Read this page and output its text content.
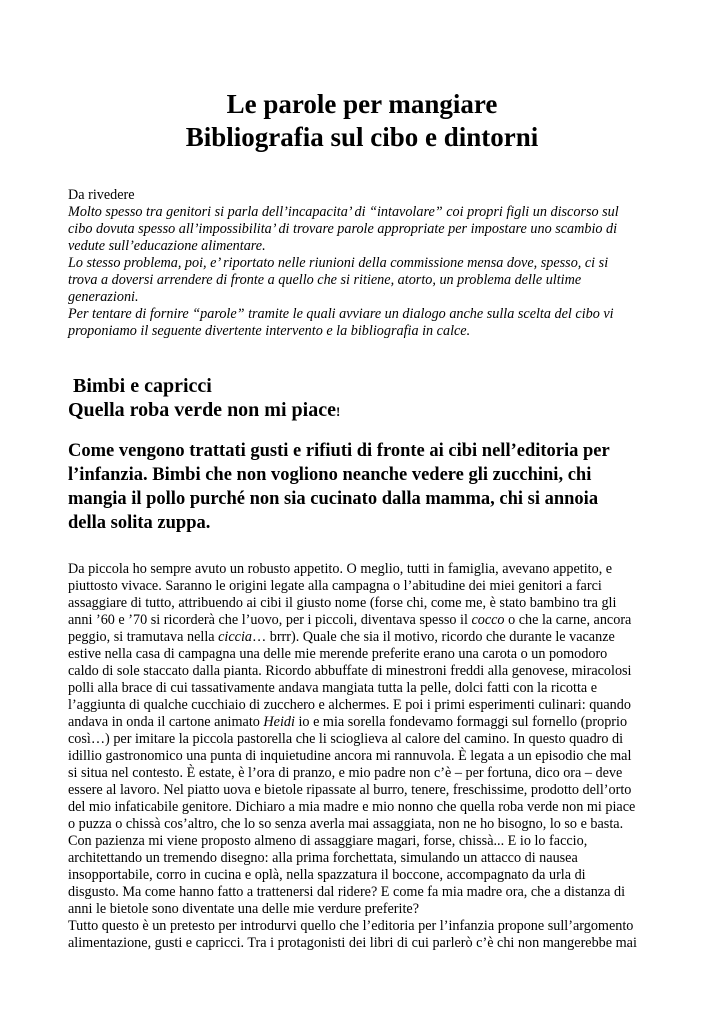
Le parole per mangiare
Bibliografia sul cibo e dintorni
Da rivedere
Molto spesso tra genitori si parla dell’incapacita’ di “intavolare” coi propri figli un discorso sul
cibo dovuta spesso all’impossibilita’ di trovare parole appropriate per impostare uno scambio di
vedute sull’educazione alimentare.
Lo stesso problema, poi, e’ riportato nelle riunioni della commissione mensa dove, spesso, ci si
trova a doversi arrendere di fronte a quello che si ritiene, atorto, un problema delle ultime
generazioni.
Per tentare di fornire “parole” tramite le quali avviare un dialogo anche sulla scelta del cibo vi
proponiamo il seguente divertente intervento e la bibliografia in calce.
Bimbi e capricci
Quella roba verde non mi piace!
Come vengono trattati gusti e rifiuti di fronte ai cibi nell’editoria per
l’infanzia. Bimbi che non vogliono neanche vedere gli zucchini, chi
mangia il pollo purché non sia cucinato dalla mamma, chi si annoia
della solita zuppa.
Da piccola ho sempre avuto un robusto appetito. O meglio, tutti in famiglia, avevano appetito, e
piuttosto vivace. Saranno le origini legate alla campagna o l’abitudine dei miei genitori a farci
assaggiare di tutto, attribuendo ai cibi il giusto nome (forse chi, come me, è stato bambino tra gli
anni ’60 e ’70 si ricorderà che l’uovo, per i piccoli, diventava spesso il cocco o che la carne, ancora
peggio, si tramutava nella ciccia… brrr). Quale che sia il motivo, ricordo che durante le vacanze
estive nella casa di campagna una delle mie merende preferite erano una carota o un pomodoro
caldo di sole staccato dalla pianta. Ricordo abbuffate di minestroni freddi alla genovese, miracolosi
polli alla brace di cui tassativamente andava mangiata tutta la pelle, dolci fatti con la ricotta e
l’aggiunta di qualche cucchiaio di zucchero e alchermes. E poi i primi esperimenti culinari: quando
andava in onda il cartone animato Heidi io e mia sorella fondevamo formaggi sul fornello (proprio
così…) per imitare la piccola pastorella che li scioglieva al calore del camino. In questo quadro di
idillio gastronomico una punta di inquietudine ancora mi rannuvola. È legata a un episodio che mal
si situa nel contesto. È estate, è l’ora di pranzo, e mio padre non c’è – per fortuna, dico ora – deve
essere al lavoro. Nel piatto uova e bietole ripassate al burro, tenere, freschissime, prodotto dell’orto
del mio infaticabile genitore. Dichiaro a mia madre e mio nonno che quella roba verde non mi piace
o puzza o chissà cos’altro, che lo so senza averla mai assaggiata, non ne ho bisogno, lo so e basta.
Con pazienza mi viene proposto almeno di assaggiare magari, forse, chissà... E io lo faccio,
architettando un tremendo disegno: alla prima forchettata, simulando un attacco di nausea
insopportabile, corro in cucina e oplà, nella spazzatura il boccone, accompagnato da urla di
disgusto. Ma come hanno fatto a trattenersi dal ridere? E come fa mia madre ora, che a distanza di
anni le bietole sono diventate una delle mie verdure preferite?
Tutto questo è un pretesto per introdurvi quello che l’editoria per l’infanzia propone sull’argomento
alimentazione, gusti e capricci. Tra i protagonisti dei libri di cui parlerò c’è chi non mangerebbe mai
